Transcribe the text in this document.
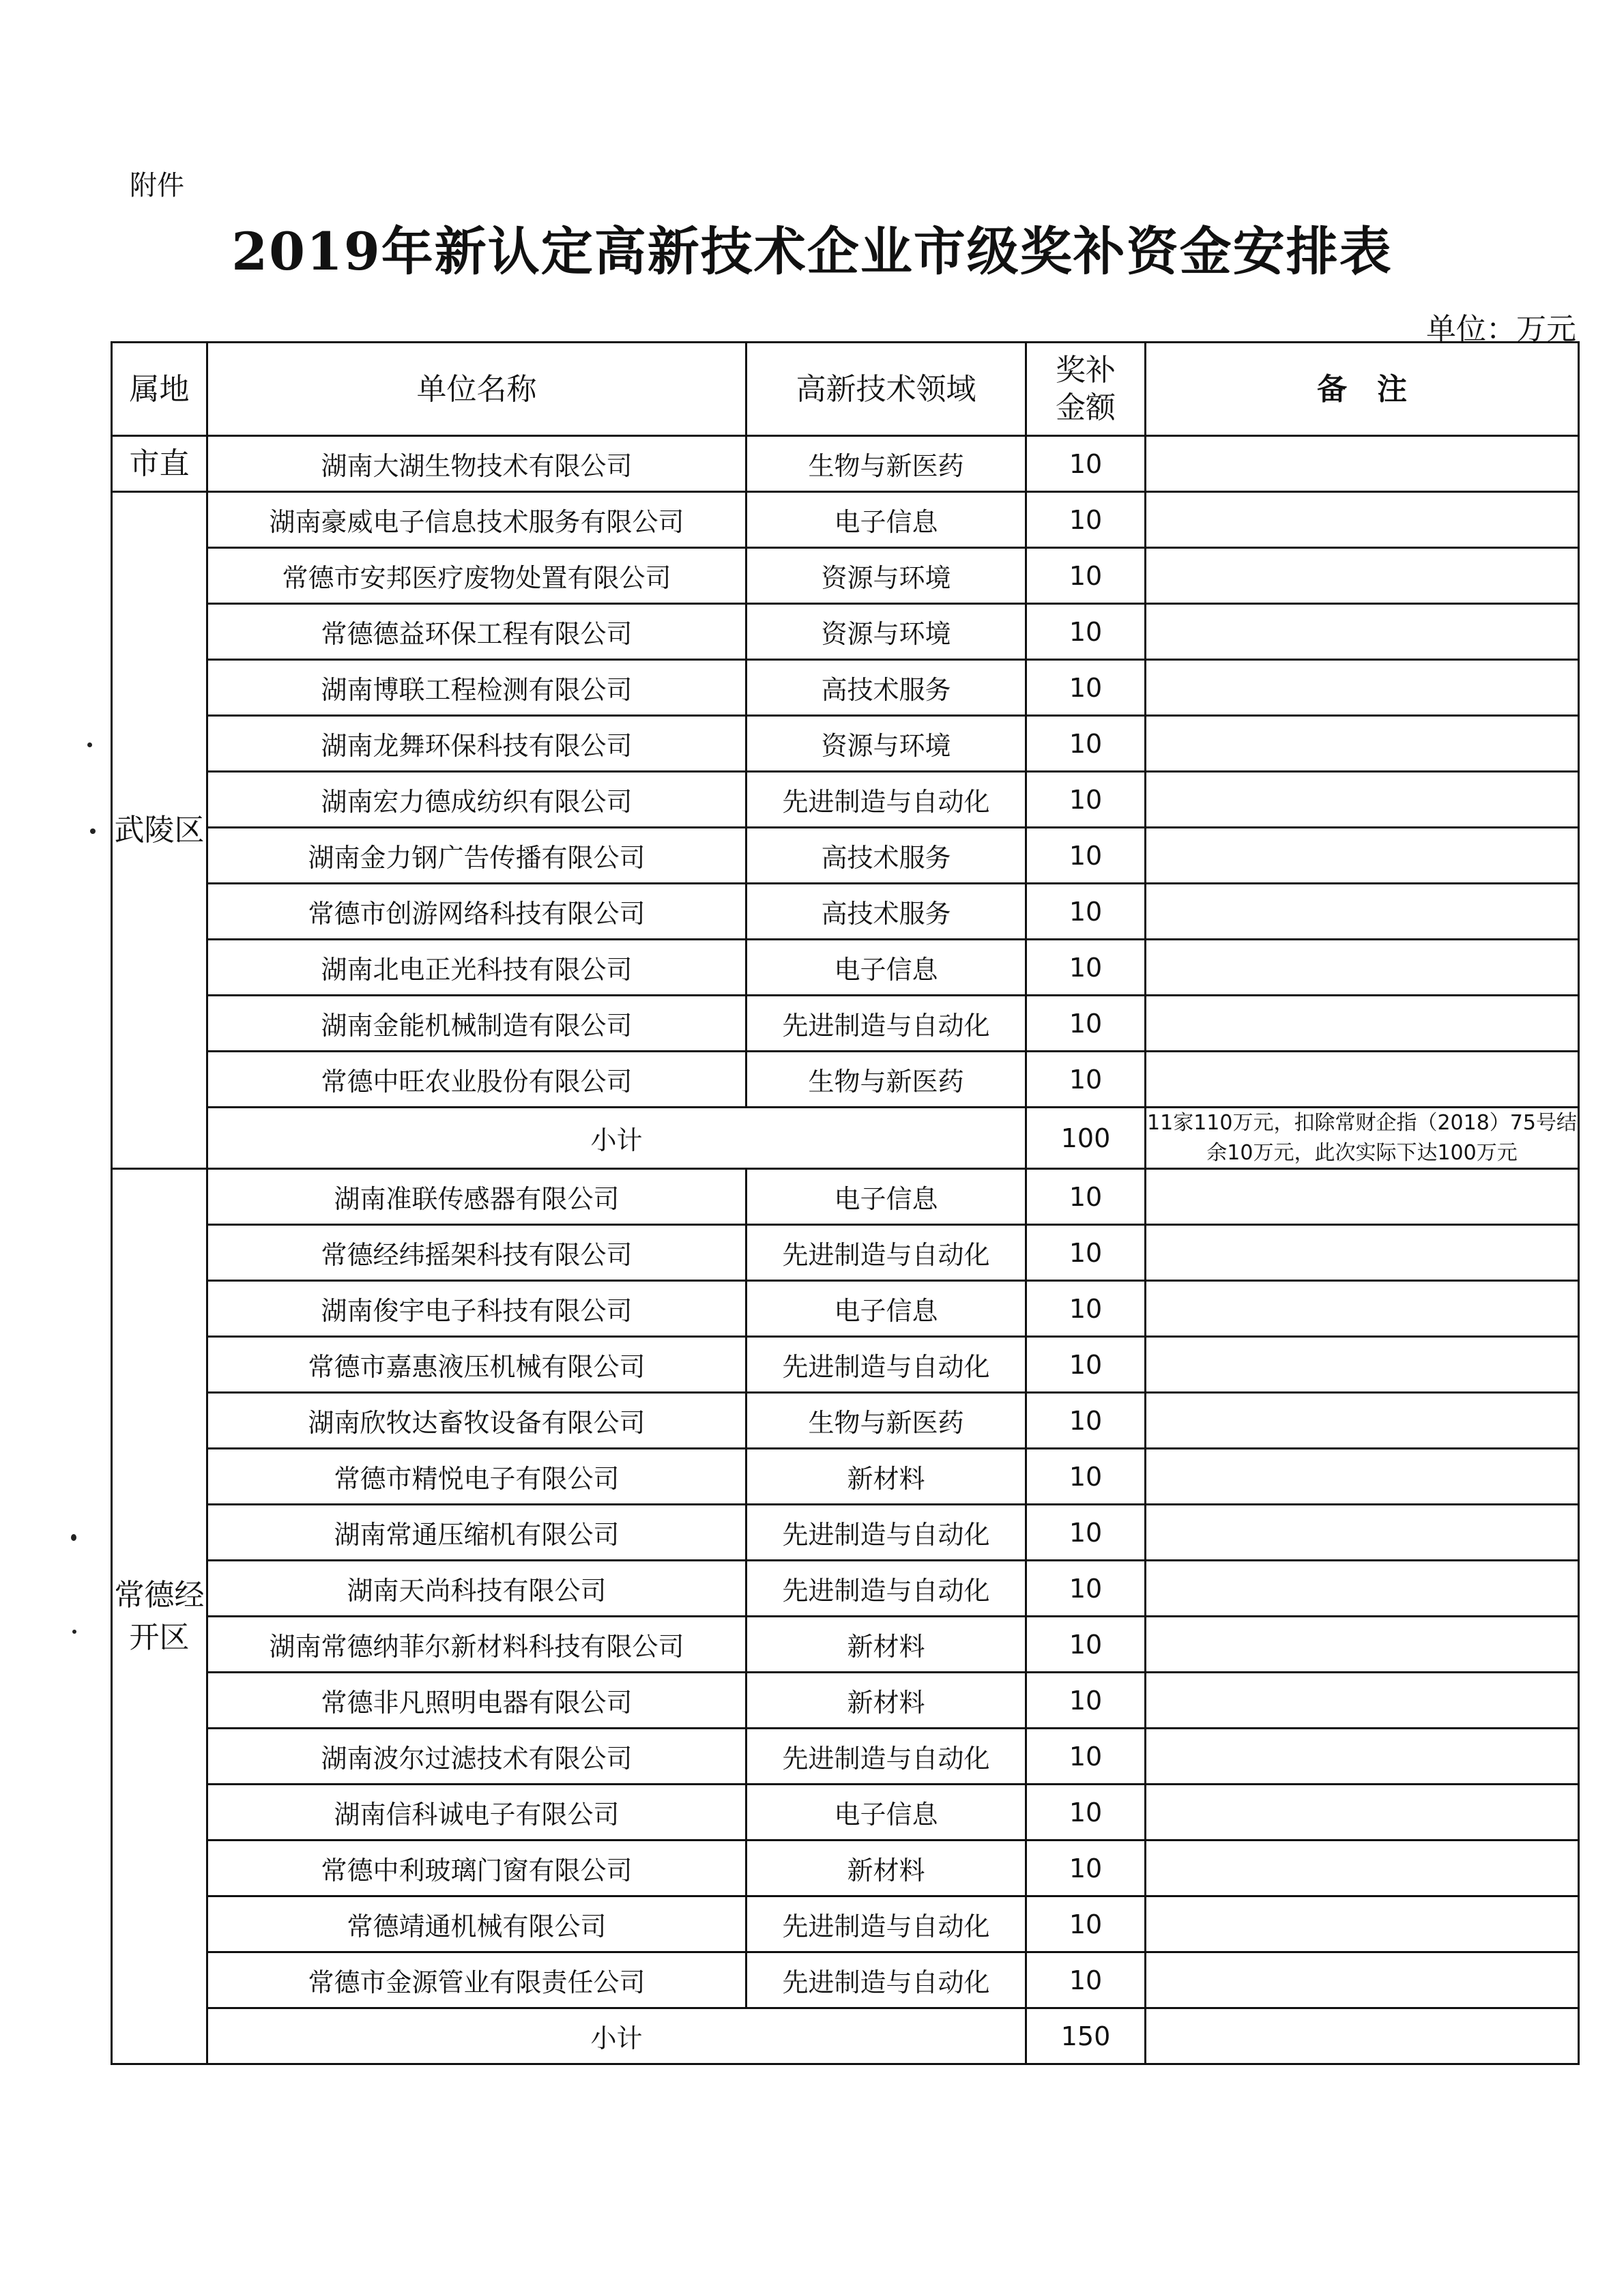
附件
2019年新认定高新技术企业市级奖补资金安排表
单位：万元
属地	单位名称	高新技术领域	奖补金额	备　注
市直	湖南大湖生物技术有限公司	生物与新医药	10	
武陵区	湖南豪威电子信息技术服务有限公司	电子信息	10	
	常德市安邦医疗废物处置有限公司	资源与环境	10	
	常德德益环保工程有限公司	资源与环境	10	
	湖南博联工程检测有限公司	高技术服务	10	
	湖南龙舞环保科技有限公司	资源与环境	10	
	湖南宏力德成纺织有限公司	先进制造与自动化	10	
	湖南金力钢广告传播有限公司	高技术服务	10	
	常德市创游网络科技有限公司	高技术服务	10	
	湖南北电正光科技有限公司	电子信息	10	
	湖南金能机械制造有限公司	先进制造与自动化	10	
	常德中旺农业股份有限公司	生物与新医药	10	
	小计		100	11家110万元，扣除常财企指（2018）75号结余10万元，此次实际下达100万元

常德经开区	湖南准联传感器有限公司	电子信息	10	
	常德经纬摇架科技有限公司	先进制造与自动化	10	
	湖南俊宇电子科技有限公司	电子信息	10	
	常德市嘉惠液压机械有限公司	先进制造与自动化	10	
	湖南欣牧达畜牧设备有限公司	生物与新医药	10	
	常德市精悦电子有限公司	新材料	10	
	湖南常通压缩机有限公司	先进制造与自动化	10	
	湖南天尚科技有限公司	先进制造与自动化	10	
	湖南常德纳菲尔新材料科技有限公司	新材料	10	
	常德非凡照明电器有限公司	新材料	10	
	湖南波尔过滤技术有限公司	先进制造与自动化	10	
	湖南信科诚电子有限公司	电子信息	10	
	常德中利玻璃门窗有限公司	新材料	10	
	常德靖通机械有限公司	先进制造与自动化	10	
	常德市金源管业有限责任公司	先进制造与自动化	10	
	小计		150	
